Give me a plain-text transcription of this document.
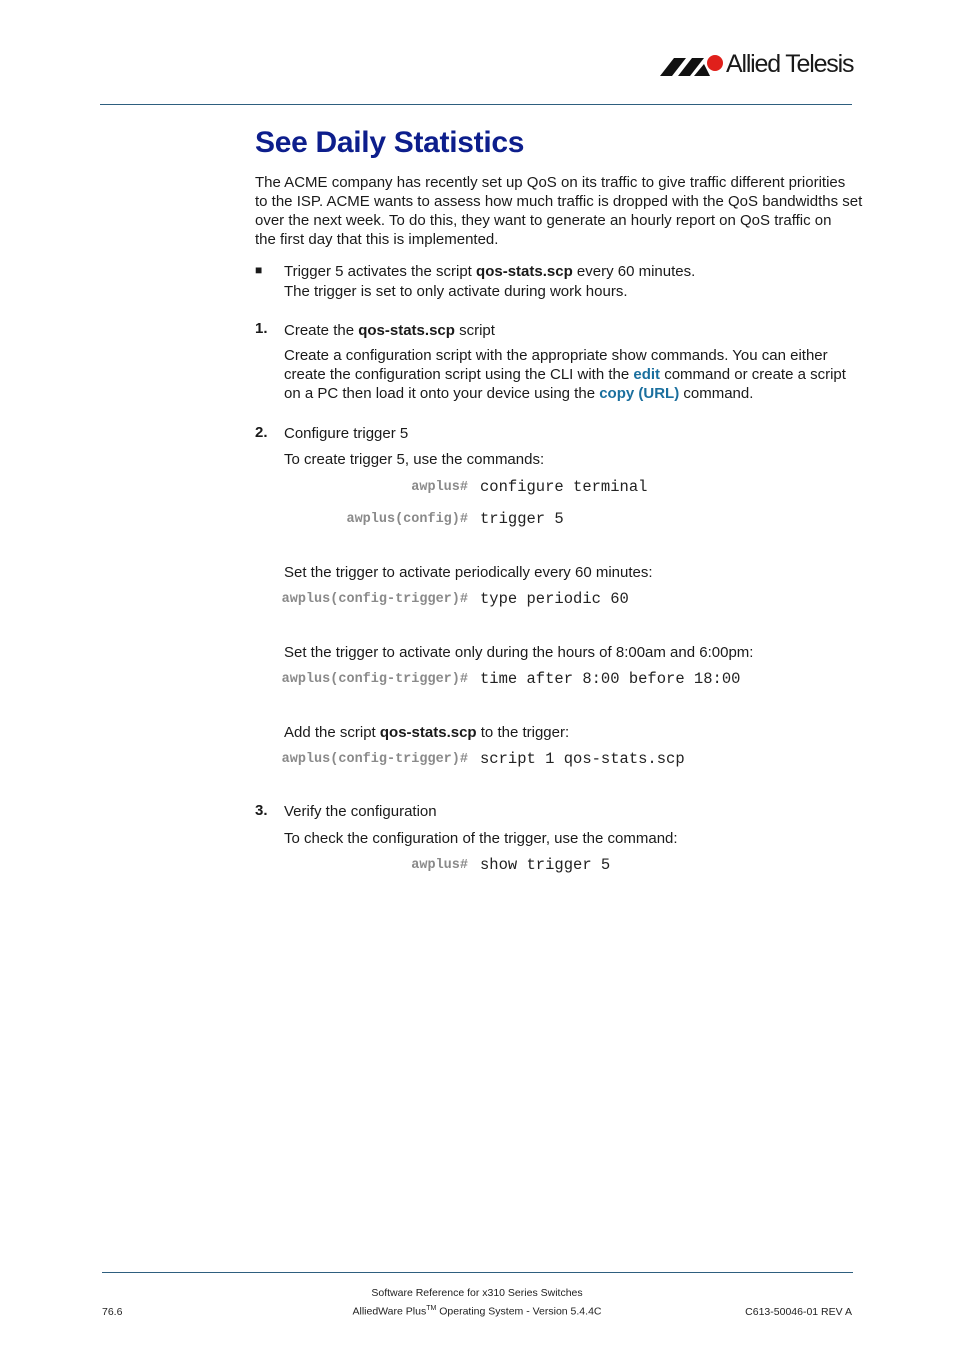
Allied Telesis
See Daily Statistics
The ACME company has recently set up QoS on its traffic to give traffic different priorities
to the ISP. ACME wants to assess how much traffic is dropped with the QoS bandwidths set
over the next week. To do this, they want to generate an hourly report on QoS traffic on
the first day that this is implemented.
■ Trigger 5 activates the script qos-stats.scp every 60 minutes.
The trigger is set to only activate during work hours.
1. Create the qos-stats.scp script
Create a configuration script with the appropriate show commands. You can either
create the configuration script using the CLI with the edit command or create a script
on a PC then load it onto your device using the copy (URL) command.
2. Configure trigger 5
To create trigger 5, use the commands:
awplus# configure terminal
awplus(config)# trigger 5
Set the trigger to activate periodically every 60 minutes:
awplus(config-trigger)# type periodic 60
Set the trigger to activate only during the hours of 8:00am and 6:00pm:
awplus(config-trigger)# time after 8:00 before 18:00
Add the script qos-stats.scp to the trigger:
awplus(config-trigger)# script 1 qos-stats.scp
3. Verify the configuration
To check the configuration of the trigger, use the command:
awplus# show trigger 5
Software Reference for x310 Series Switches
AlliedWare Plus™ Operating System - Version 5.4.4C
76.6	C613-50046-01 REV A
